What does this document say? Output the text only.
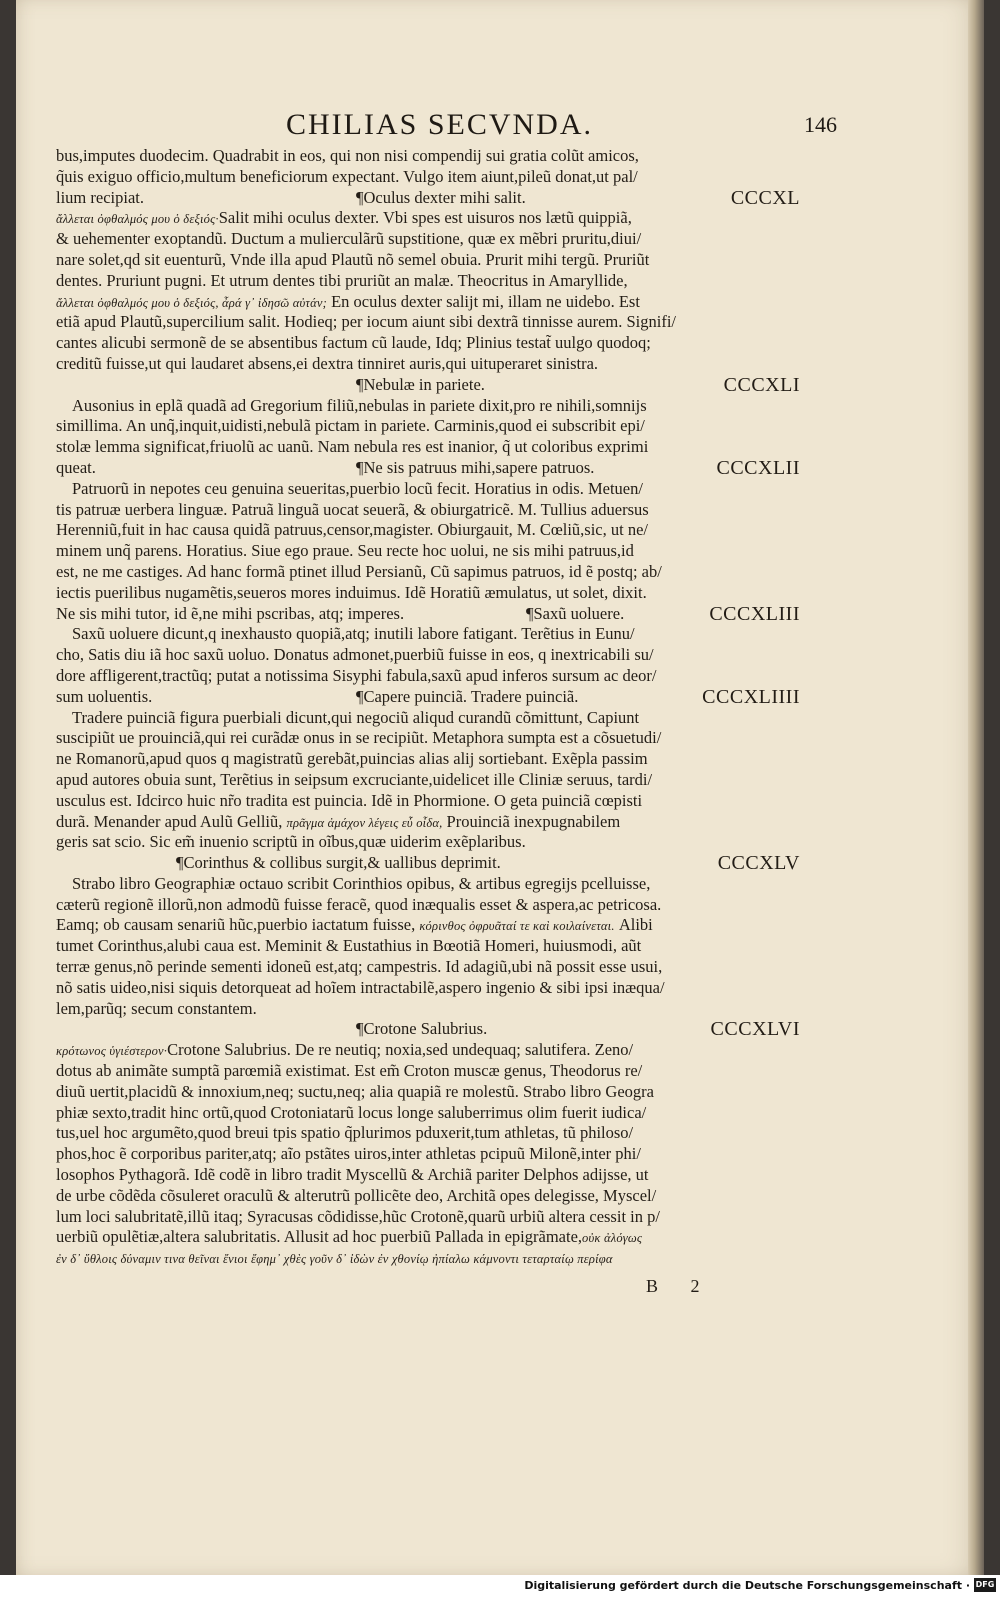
CHILIAS SECVNDA.	146
bus,imputes duodecim. Quadrabit in eos, qui non nisi compendij sui gratia colũt amicos,
q̃uis exiguo officio,multum beneficiorum expectant. Vulgo item aiunt,pileũ donat,ut pal/
lium recipiat.	¶Oculus dexter mihi salit.	CCCXL
ἄλλεται ὀφθαλμός μου ὁ δεξιός·Salit mihi oculus dexter. Vbi spes est uisuros nos lætũ quippiã,
& uehementer exoptandũ. Ductum a mulierculãrũ supstitione, quæ ex mẽbri pruritu,diui/
nare solet,qd sit euenturũ, Vnde illa apud Plautũ nõ semel obuia. Prurit mihi tergũ. Pruriũt
dentes. Pruriunt pugni. Et utrum dentes tibi pruriũt an malæ. Theocritus in Amaryllide,
ἄλλεται ὀφθαλμός μου ὁ δεξιός, ἆρά γ᾽ ἰδησῶ αὐτάν; En oculus dexter salijt mi, illam ne uidebo. Est
etiã apud Plautũ,supercilium salit. Hodieq; per iocum aiunt sibi dextrã tinnisse aurem. Signifi/
cantes alicubi sermonẽ de se absentibus factum cũ laude, Idq; Plinius testat̃ uulgo quodoq;
creditũ fuisse,ut qui laudaret absens,ei dextra tinniret auris,qui uituperaret sinistra.
¶Nebulæ in pariete.	CCCXLI
Ausonius in eplã quadã ad Gregorium filiũ,nebulas in pariete dixit,pro re nihili,somnijs
simillima. An unq̃,inquit,uidisti,nebulã pictam in pariete. Carminis,quod ei subscribit epi/
stolæ lemma significat,friuolũ ac uanũ. Nam nebula res est inanior, q̃ ut coloribus exprimi
queat.	¶Ne sis patruus mihi,sapere patruos.	CCCXLII
Patruorũ in nepotes ceu genuina seueritas,puerbio locũ fecit. Horatius in odis. Metuen/
tis patruæ uerbera linguæ. Patruã linguã uocat seuerã, & obiurgatricẽ. M. Tullius aduersus
Herenniũ,fuit in hac causa quidã patruus,censor,magister. Obiurgauit, M. Cœliũ,sic, ut ne/
minem unq̃ parens. Horatius. Siue ego praue. Seu recte hoc uolui, ne sis mihi patruus,id
est, ne me castiges. Ad hanc formã ptinet illud Persianũ, Cũ sapimus patruos, id ẽ postq; ab/
iectis puerilibus nugamẽtis,seueros mores induimus. Idẽ Horatiũ æmulatus, ut solet, dixit.
Ne sis mihi tutor, id ẽ,ne mihi pscribas, atq; imperes.	¶Saxũ uoluere.	CCCXLIII
Saxũ uoluere dicunt,q inexhausto quopiã,atq; inutili labore fatigant. Terẽtius in Eunu/
cho, Satis diu iã hoc saxũ uoluo. Donatus admonet,puerbiũ fuisse in eos, q inextricabili su/
dore affligerent,tractũq; putat a notissima Sisyphi fabula,saxũ apud inferos sursum ac deor/
sum uoluentis.	¶Capere puinciã. Tradere puinciã.	CCCXLIIII
Tradere puinciã figura puerbiali dicunt,qui negociũ aliqud curandũ cõmittunt, Capiunt
suscipiũt ue prouinciã,qui rei curãdæ onus in se recipiũt. Metaphora sumpta est a cõsuetudi/
ne Romanorũ,apud quos q magistratũ gerebãt,puincias alias alij sortiebant. Exẽpla passim
apud autores obuia sunt, Terẽtius in seipsum excruciante,uidelicet ille Cliniæ seruus, tardi/
usculus est. Idcirco huic nr̃o tradita est puincia. Idẽ in Phormione. O geta puinciã cœpisti
durã. Menander apud Aulũ Gelliũ, πρᾶγμα ἀμάχον λέγεις εὖ οἶδα, Prouinciã inexpugnabilem
geris sat scio. Sic em̃ inuenio scriptũ in oĩbus,quæ uiderim exẽplaribus.
¶Corinthus & collibus surgit,& uallibus deprimit.	CCCXLV
Strabo libro Geographiæ octauo scribit Corinthios opibus, & artibus egregijs pcelluisse,
cæterũ regionẽ illorũ,non admodũ fuisse feracẽ, quod inæqualis esset & aspera,ac petricosa.
Eamq; ob causam senariũ hũc,puerbio iactatum fuisse, κόρινθος ὀφρυᾶταί τε καὶ κοιλαίνεται. Alibi
tumet Corinthus,alubi caua est. Meminit & Eustathius in Bœotiã Homeri, huiusmodi, aũt
terræ genus,nõ perinde sementi idoneũ est,atq; campestris. Id adagiũ,ubi nã possit esse usui,
nõ satis uideo,nisi siquis detorqueat ad hoĩem intractabilẽ,aspero ingenio & sibi ipsi inæqua/
lem,parũq; secum constantem.
¶Crotone Salubrius.	CCCXLVI
κρότωνος ὑγιέστερον·Crotone Salubrius. De re neutiq; noxia,sed undequaq; salutifera. Zeno/
dotus ab animãte sumptã parœmiã existimat. Est em̃ Croton muscæ genus, Theodorus re/
diuũ uertit,placidũ & innoxium,neq; suctu,neq; alia quapiã re molestũ. Strabo libro Geogra
phiæ sexto,tradit hinc ortũ,quod Crotoniatarũ locus longe saluberrimus olim fuerit iudica/
tus,uel hoc argumẽto,quod breui tpis spatio q̃plurimos pduxerit,tum athletas, tũ philoso/
phos,hoc ẽ corporibus pariter,atq; aĩo pstãtes uiros,inter athletas pcipuũ Milonẽ,inter phi/
losophos Pythagorã. Idẽ codẽ in libro tradit Myscellũ & Archiã pariter Delphos adijsse, ut
de urbe cõdẽda cõsuleret oraculũ & alterutrũ pollicẽte deo, Architã opes delegisse, Myscel/
lum loci salubritatẽ,illũ itaq; Syracusas cõdidisse,hũc Crotonẽ,quarũ urbiũ altera cessit in p/
uerbiũ opulẽtiæ,altera salubritatis. Allusit ad hoc puerbiũ Pallada in epigrãmate,οὐκ ἀλόγως
ἐν δ᾽ ὕθλοις δύναμιν τινα θεῖναι ἔνιοι ἔφημ᾽ χθὲς γοῦν δ᾽ ἰδὼν ἐν χθονίῳ ἠπίαλω κάμνοντι τεταρταίῳ περίφα
B 2
Digitalisierung gefördert durch die Deutsche Forschungsgemeinschaft · DFG
